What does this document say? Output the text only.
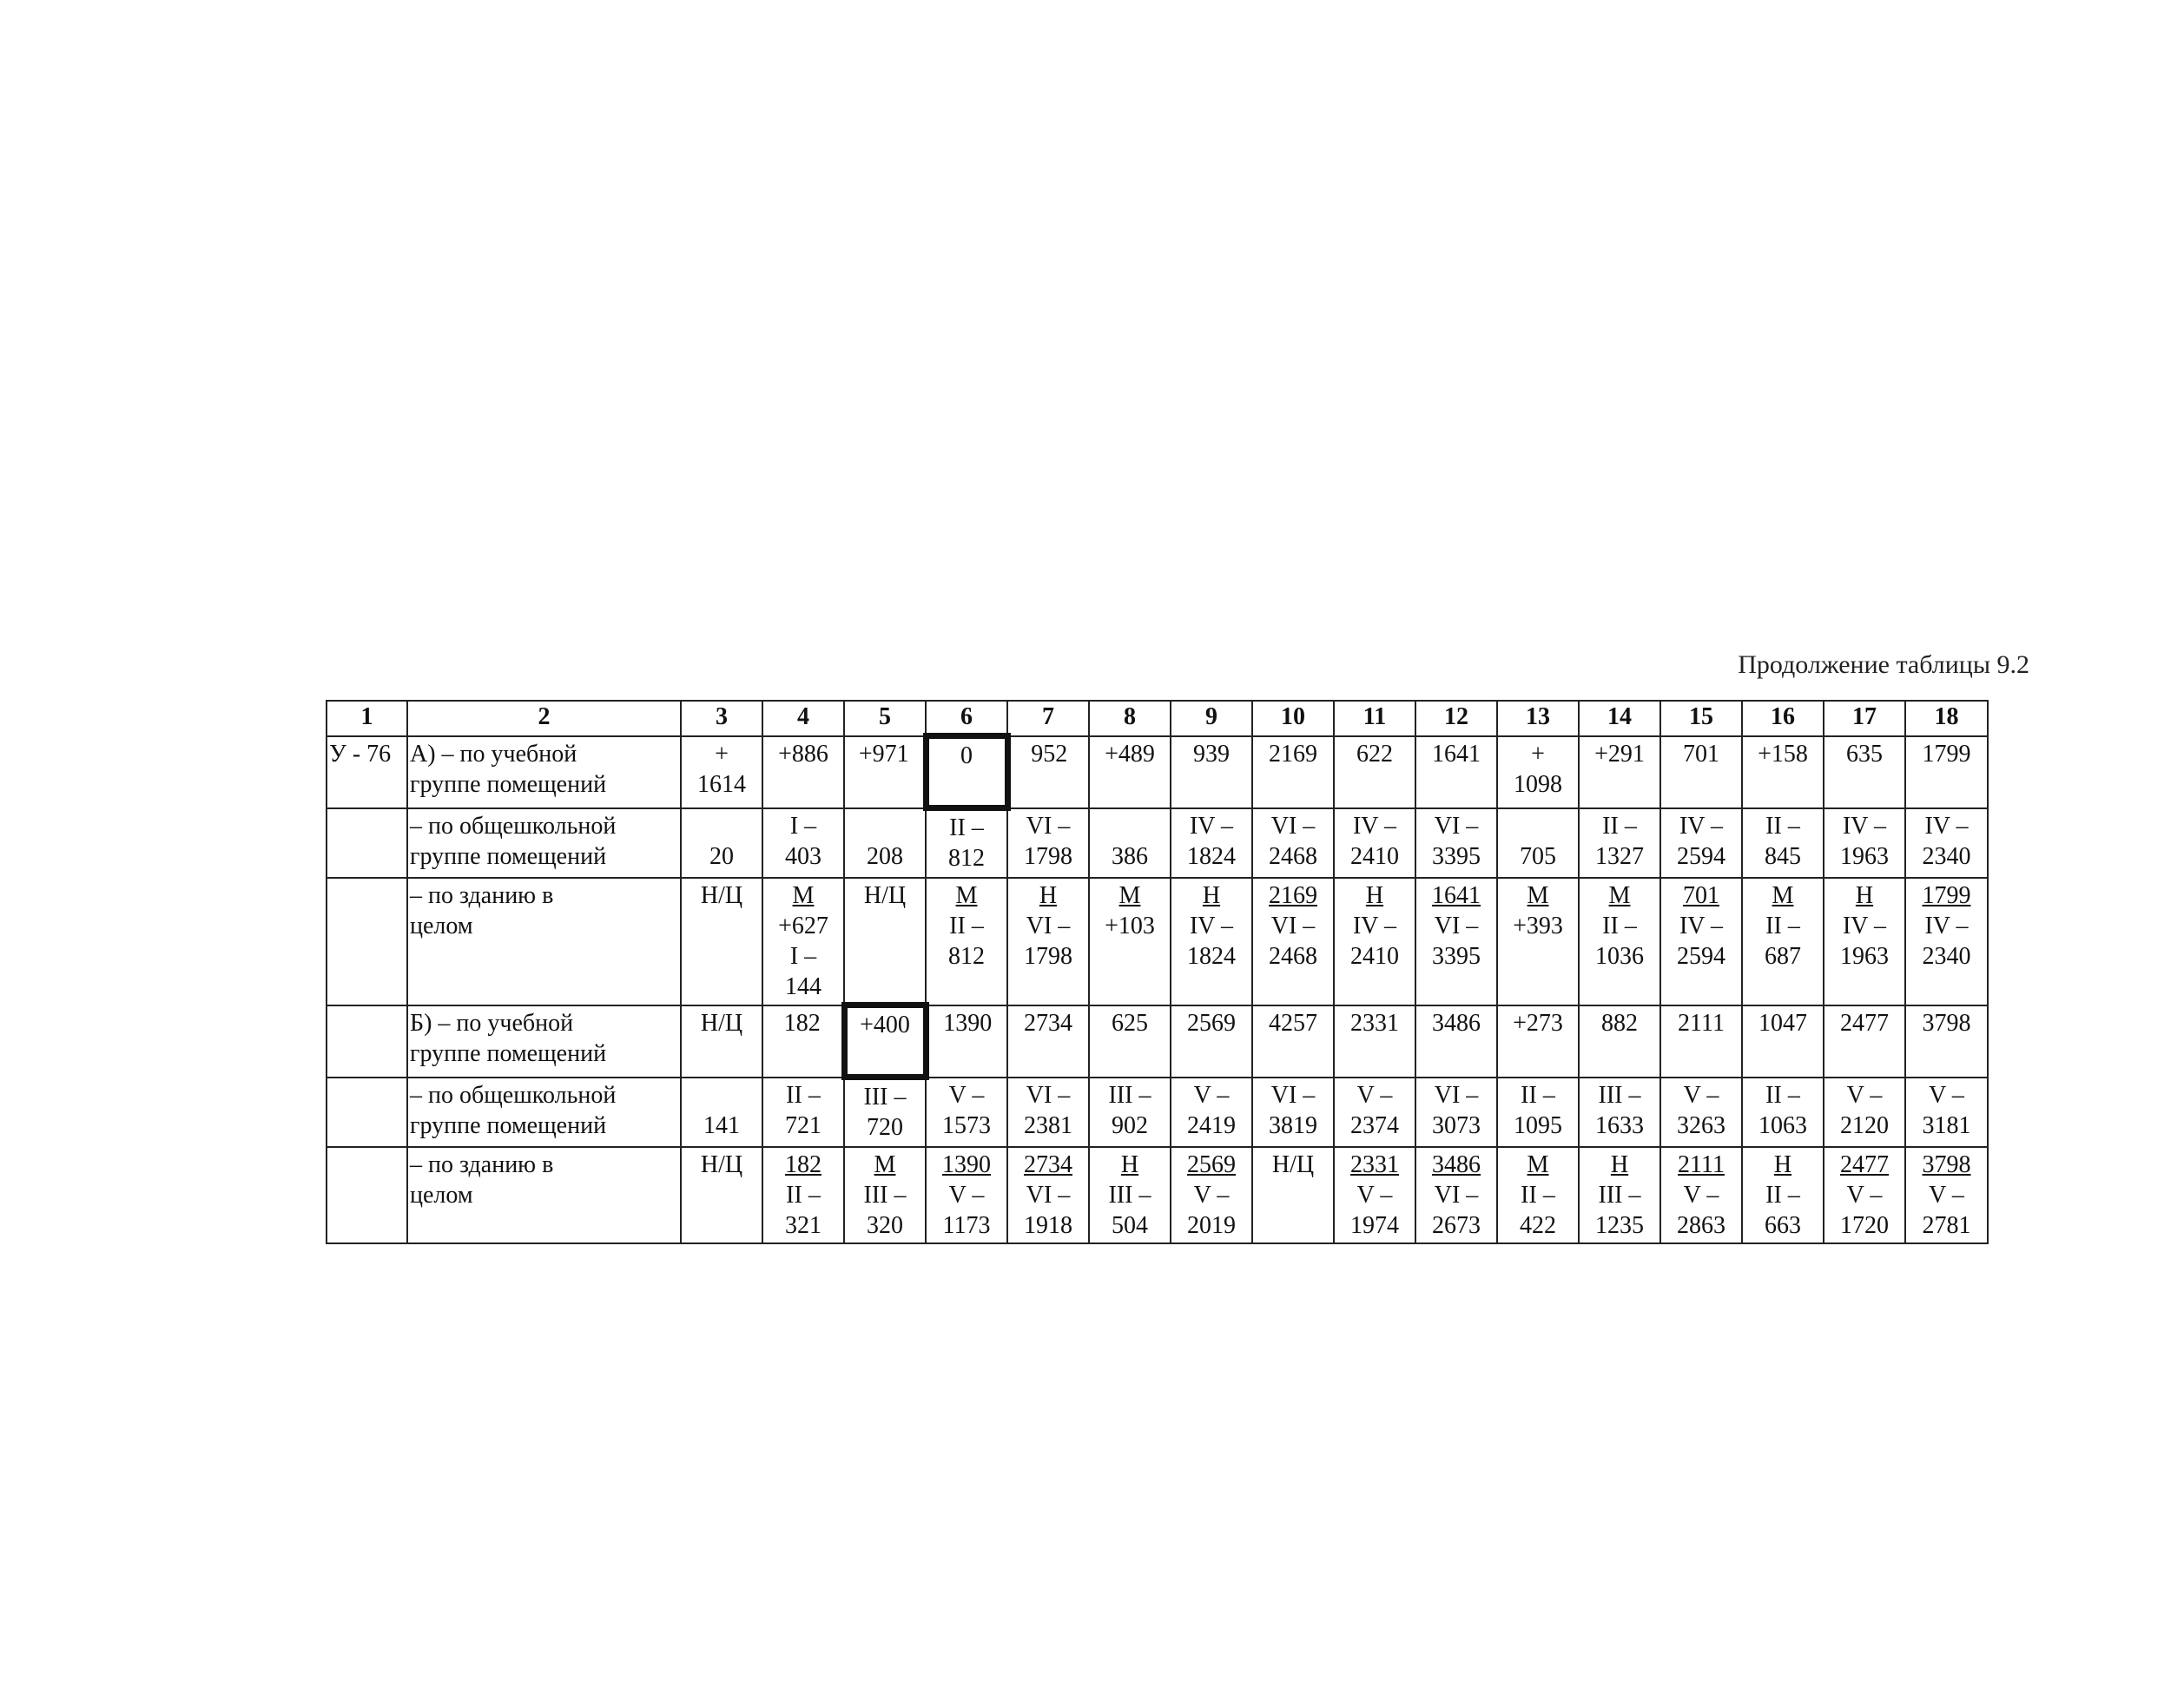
Продолжение таблицы 9.2
1	2	3	4	5	6	7	8	9	10	11	12	13	14	15	16	17	18
У - 76	А) – по учебной
группе помещений	+
1614	+886	+971	0	952	+489	939	2169	622	1641	+
1098	+291	701	+158	635	1799

	– по общешкольной
группе помещений	20	I –
403	208	II –
812	VI –
1798	386	IV –
1824	VI –
2468	IV –
2410	VI –
3395	705	II –
1327	IV –
2594	II –
845	IV –
1963	IV –
2340

	– по зданию в
целом	Н/Ц	М
+627
I –
144	Н/Ц	М
II –
812	Н
VI –
1798	М
+103	Н
IV –
1824	2169
VI –
2468	Н
IV –
2410	1641
VI –
3395	М
+393	М
II –
1036	701
IV –
2594	М
II –
687	Н
IV –
1963	1799
IV –
2340

	Б) – по учебной
группе помещений	Н/Ц	182	+400	1390	2734	625	2569	4257	2331	3486	+273	882	2111	1047	2477	3798

	– по общешкольной
группе помещений	141	II –
721	III –
720	V –
1573	VI –
2381	III –
902	V –
2419	VI –
3819	V –
2374	VI –
3073	II –
1095	III –
1633	V –
3263	II –
1063	V –
2120	V –
3181

	– по зданию в
целом	Н/Ц	182
II –
321	М
III –
320	1390
V –
1173	2734
VI –
1918	Н
III –
504	2569
V –
2019	Н/Ц	2331
V –
1974	3486
VI –
2673	М
II –
422	Н
III –
1235	2111
V –
2863	Н
II –
663	2477
V –
1720	3798
V –
2781
